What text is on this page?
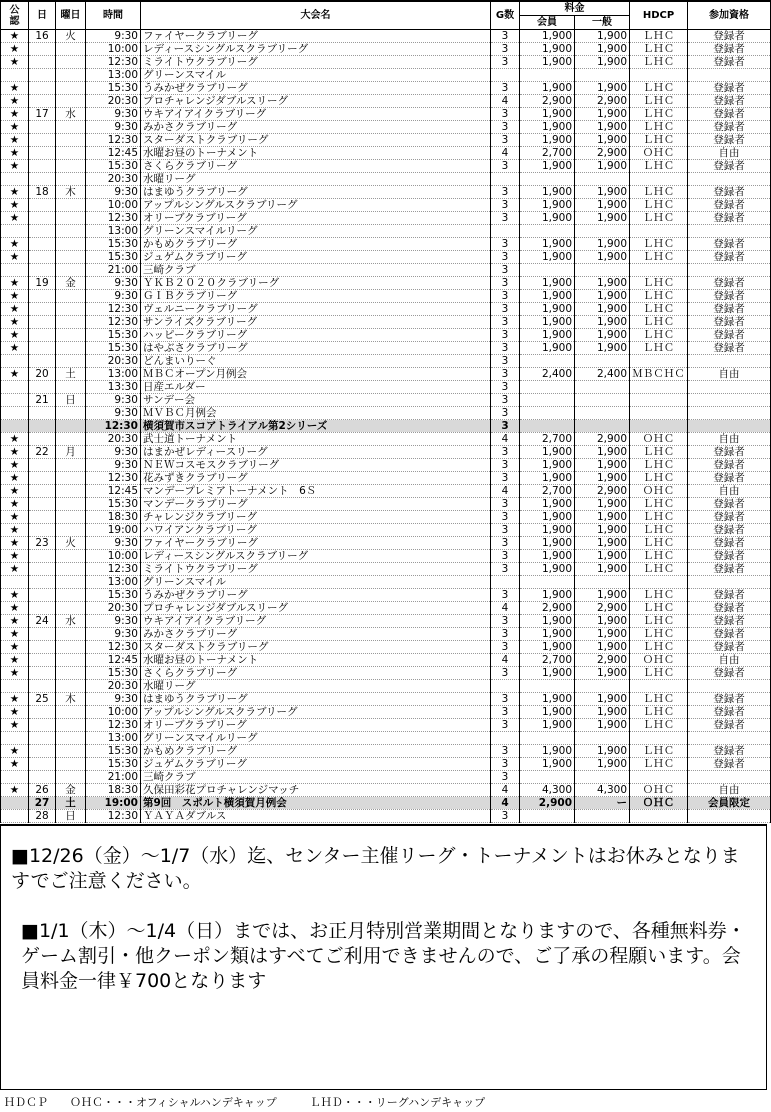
公
認	日	曜日	時間	大会名	G数	料金		HDCP	参加資格
						会員	一般		
★	16	火	9:30	ファイヤークラブリーグ	3	1,900	1,900	ＬＨＣ	登録者
★			10:00	レディースシングルスクラブリーグ	3	1,900	1,900	ＬＨＣ	登録者
★			12:30	ミライトウクラブリーグ	3	1,900	1,900	ＬＨＣ	登録者
			13:00	グリーンスマイル					
★			15:30	うみかぜクラブリーグ	3	1,900	1,900	ＬＨＣ	登録者
★			20:30	プロチャレンジダブルスリーグ	4	2,900	2,900	ＬＨＣ	登録者
★	17	水	9:30	ウキアイアイクラブリーグ	3	1,900	1,900	ＬＨＣ	登録者
★			9:30	みかさクラブリーグ	3	1,900	1,900	ＬＨＣ	登録者
★			12:30	スターダストクラブリーグ	3	1,900	1,900	ＬＨＣ	登録者
★			12:45	水曜お昼のトーナメント	4	2,700	2,900	ＯＨＣ	自由
★			15:30	さくらクラブリーグ	3	1,900	1,900	ＬＨＣ	登録者
			20:30	水曜リーグ					
★	18	木	9:30	はまゆうクラブリーグ	3	1,900	1,900	ＬＨＣ	登録者
★			10:00	アップルシングルスクラブリーグ	3	1,900	1,900	ＬＨＣ	登録者
★			12:30	オリーブクラブリーグ	3	1,900	1,900	ＬＨＣ	登録者
			13:00	グリーンスマイルリーグ					
★			15:30	かもめクラブリーグ	3	1,900	1,900	ＬＨＣ	登録者
★			15:30	ジュゲムクラブリーグ	3	1,900	1,900	ＬＨＣ	登録者
			21:00	三崎クラブ	3				
★	19	金	9:30	ＹＫＢ２０２０クラブリーグ	3	1,900	1,900	ＬＨＣ	登録者
★			9:30	ＧＩＢクラブリーグ	3	1,900	1,900	ＬＨＣ	登録者
★			12:30	ヴェルニークラブリーグ	3	1,900	1,900	ＬＨＣ	登録者
★			12:30	サンライズクラブリーグ	3	1,900	1,900	ＬＨＣ	登録者
★			15:30	ハッピークラブリーグ	3	1,900	1,900	ＬＨＣ	登録者
★			15:30	はやぶさクラブリーグ	3	1,900	1,900	ＬＨＣ	登録者
			20:30	どんまいりーぐ	3				
★	20	土	13:00	ＭＢＣオープン月例会	3	2,400	2,400	ＭＢＣＨＣ	自由
			13:30	日産エルダー	3				
	21	日	9:30	サンデー会	3				
			9:30	ＭＶＢＣ月例会	3				
			12:30	横須賀市スコアトライアル第2シリーズ	3				
★			20:30	武士道トーナメント	4	2,700	2,900	ＯＨＣ	自由
★	22	月	9:30	はまかぜレディースリーグ	3	1,900	1,900	ＬＨＣ	登録者
★			9:30	ＮＥＷコスモスクラブリーグ	3	1,900	1,900	ＬＨＣ	登録者
★			12:30	花みずきクラブリーグ	3	1,900	1,900	ＬＨＣ	登録者
★			12:45	マンデープレミアトーナメント　6Ｓ	4	2,700	2,900	ＯＨＣ	自由
★			15:30	マンデークラブリーグ	3	1,900	1,900	ＬＨＣ	登録者
★			18:30	チャレンジクラブリーグ	3	1,900	1,900	ＬＨＣ	登録者
★			19:00	ハワイアンクラブリーグ	3	1,900	1,900	ＬＨＣ	登録者
★	23	火	9:30	ファイヤークラブリーグ	3	1,900	1,900	ＬＨＣ	登録者
★			10:00	レディースシングルスクラブリーグ	3	1,900	1,900	ＬＨＣ	登録者
★			12:30	ミライトウクラブリーグ	3	1,900	1,900	ＬＨＣ	登録者
			13:00	グリーンスマイル					
★			15:30	うみかぜクラブリーグ	3	1,900	1,900	ＬＨＣ	登録者
★			20:30	プロチャレンジダブルスリーグ	4	2,900	2,900	ＬＨＣ	登録者
★	24	水	9:30	ウキアイアイクラブリーグ	3	1,900	1,900	ＬＨＣ	登録者
★			9:30	みかさクラブリーグ	3	1,900	1,900	ＬＨＣ	登録者
★			12:30	スターダストクラブリーグ	3	1,900	1,900	ＬＨＣ	登録者
★			12:45	水曜お昼のトーナメント	4	2,700	2,900	ＯＨＣ	自由
★			15:30	さくらクラブリーグ	3	1,900	1,900	ＬＨＣ	登録者
			20:30	水曜リーグ					
★	25	木	9:30	はまゆうクラブリーグ	3	1,900	1,900	ＬＨＣ	登録者
★			10:00	アップルシングルスクラブリーグ	3	1,900	1,900	ＬＨＣ	登録者
★			12:30	オリーブクラブリーグ	3	1,900	1,900	ＬＨＣ	登録者
			13:00	グリーンスマイルリーグ					
★			15:30	かもめクラブリーグ	3	1,900	1,900	ＬＨＣ	登録者
★			15:30	ジュゲムクラブリーグ	3	1,900	1,900	ＬＨＣ	登録者
			21:00	三崎クラブ	3				
★	26	金	18:30	久保田彩花プロチャレンジマッチ	4	4,300	4,300	ＯＨＣ	自由
	27	土	19:00	第9回　スポルト横須賀月例会	4	2,900	ー	ＯＨＣ	会員限定
	28	日	12:30	ＹＡＹＡダブルス	3				

■12/26（金）～1/7（水）迄、センター主催リーグ・トーナメントはお休みとなりますでご注意ください。

■1/1（木）～1/4（日）までは、お正月特別営業期間となりますので、各種無料券・ゲーム割引・他クーポン類はすべてご利用できませんので、ご了承の程願います。会員料金一律￥700となります

ＨＤＣＰ　　ＯＨＣ・・・オフィシャルハンデキャップ　　　ＬＨＤ・・・リーグハンデキャップ
